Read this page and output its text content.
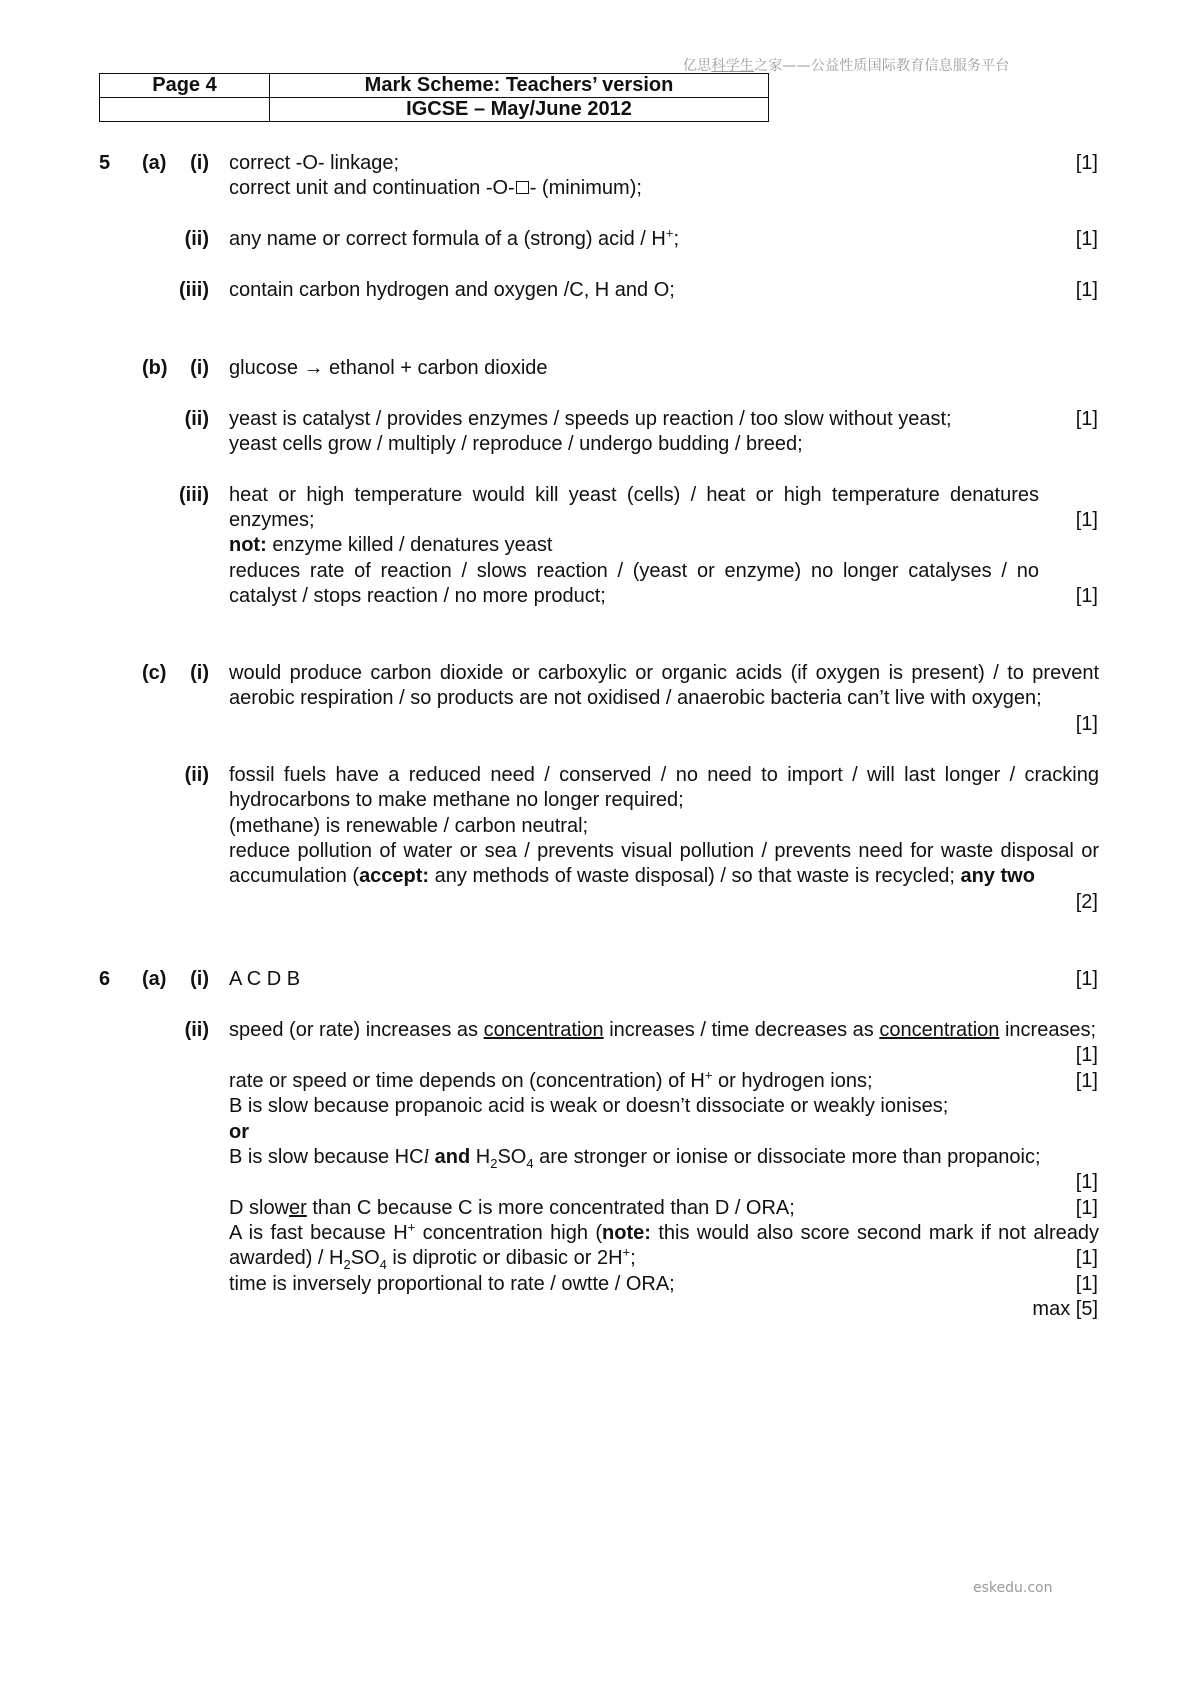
亿思科学生之家——公益性质国际教育信息服务平台
eskedu.con
Page 4	Mark Scheme: Teachers’ version
	IGCSE – May/June 2012
5 (a)	(i) correct -O- linkage;	[1]
correct unit and continuation -O- - (minimum);
(ii) any name or correct formula of a (strong) acid / H+;	[1]
(iii) contain carbon hydrogen and oxygen /C, H and O;	[1]
(b)	(i) glucose → ethanol + carbon dioxide
(ii) yeast is catalyst / provides enzymes / speeds up reaction / too slow without yeast;	[1]
yeast cells grow / multiply / reproduce / undergo budding / breed;
(iii) heat or high temperature would kill yeast (cells) / heat or high temperature denatures enzymes;	[1]
not: enzyme killed / denatures yeast
reduces rate of reaction / slows reaction / (yeast or enzyme) no longer catalyses / no catalyst / stops reaction / no more product;	[1]
(c)	(i) would produce carbon dioxide or carboxylic or organic acids (if oxygen is present) / to prevent aerobic respiration / so products are not oxidised / anaerobic bacteria can’t live with oxygen;
[1]
(ii) fossil fuels have a reduced need / conserved / no need to import / will last longer / cracking hydrocarbons to make methane no longer required;
(methane) is renewable / carbon neutral;
reduce pollution of water or sea / prevents visual pollution / prevents need for waste disposal or accumulation (accept: any methods of waste disposal) / so that waste is recycled; any two
[2]
6 (a)	(i) A C D B	[1]
(ii) speed (or rate) increases as concentration increases / time decreases as concentration increases;
[1]
rate or speed or time depends on (concentration) of H+ or hydrogen ions;	[1]
B is slow because propanoic acid is weak or doesn’t dissociate or weakly ionises;
or
B is slow because HCl and $H_2SO_4$ are stronger or ionise or dissociate more than propanoic;
[1]
D slower than C because C is more concentrated than D / ORA;	[1]
A is fast because H+ concentration high (note: this would also score second mark if not already awarded) / $H_2SO_4$ is diprotic or dibasic or 2H+;	[1]
time is inversely proportional to rate / owtte / ORA;	[1]
max [5]
